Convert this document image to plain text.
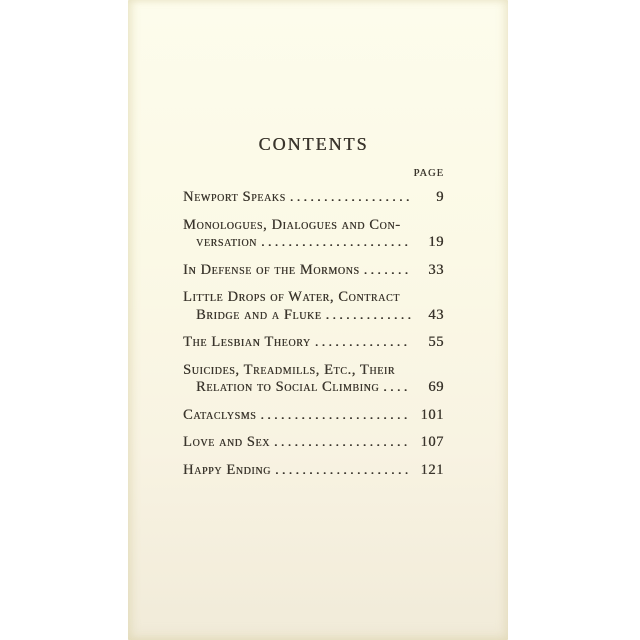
CONTENTS
PAGE
Newport Speaks .....	9
Monologues, Dialogues and Con-
versation .....	19
In Defense of the Mormons .....	33
Little Drops of Water, Contract
Bridge and a Fluke .....	43
The Lesbian Theory .....	55
Suicides, Treadmills, Etc., Their
Relation to Social Climbing .....	69
Cataclysms .....	101
Love and Sex .....	107
Happy Ending .....	121
